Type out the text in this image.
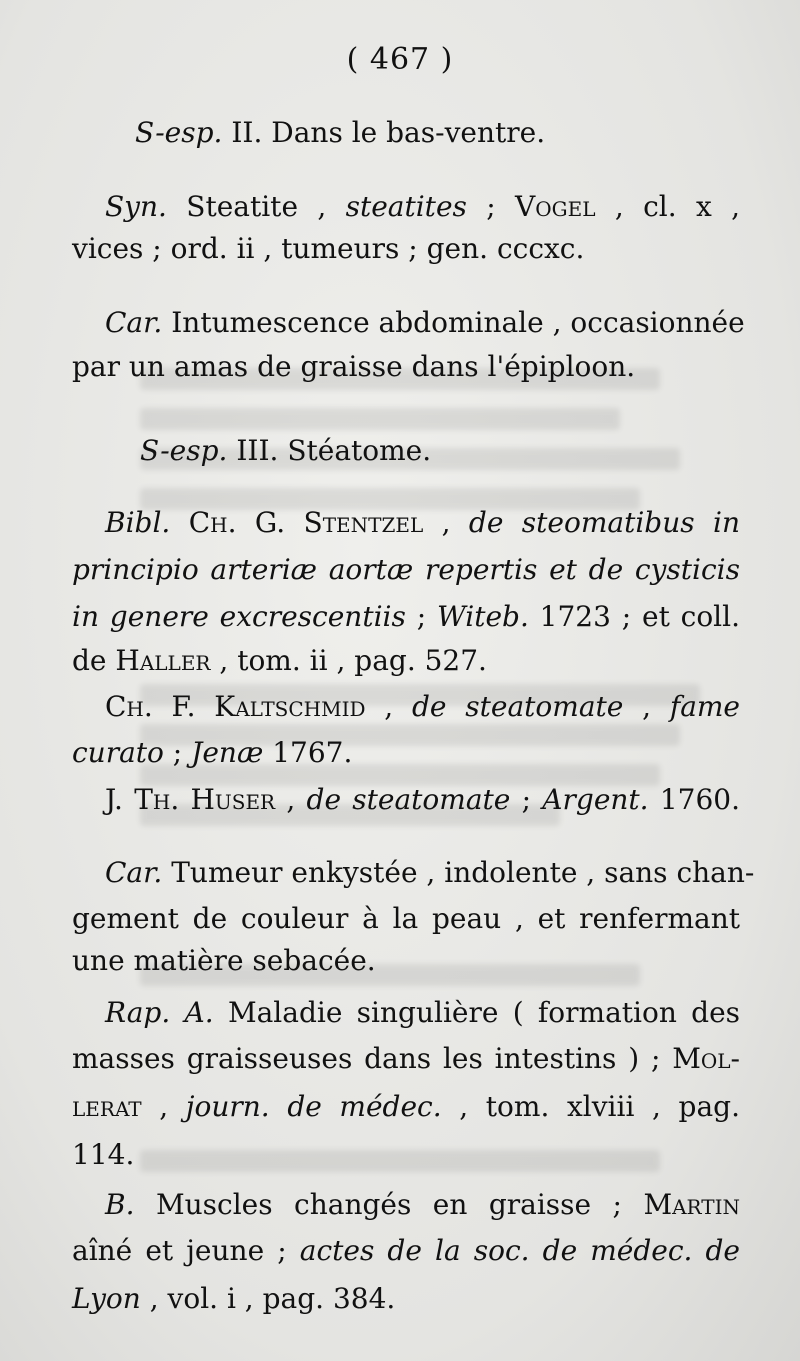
( 467 )
S-esp. II. Dans le bas-ventre.
Syn. Steatite , steatites ; Vogel , cl. x ,
vices ; ord. ii , tumeurs ; gen. cccxc.
Car. Intumescence abdominale , occasionnée
par un amas de graisse dans l'épiploon.
S-esp. III. Stéatome.
Bibl. Ch. G. Stentzel , de steomatibus in
principio arteriæ aortæ repertis et de cysticis
in genere excrescentiis ; Witeb. 1723 ; et coll.
de Haller , tom. ii , pag. 527.
Ch. F. Kaltschmid , de steatomate , fame
curato ; Jenæ 1767.
J. Th. Huser , de steatomate ; Argent. 1760.
Car. Tumeur enkystée , indolente , sans chan-
gement de couleur à la peau , et renfermant
une matière sebacée.
Rap. A. Maladie singulière ( formation des
masses graisseuses dans les intestins ) ; Mol-
lerat , journ. de médec. , tom. xlviii , pag.
114.
B. Muscles changés en graisse ; Martin
aîné et jeune ; actes de la soc. de médec. de
Lyon , vol. i , pag. 384.
